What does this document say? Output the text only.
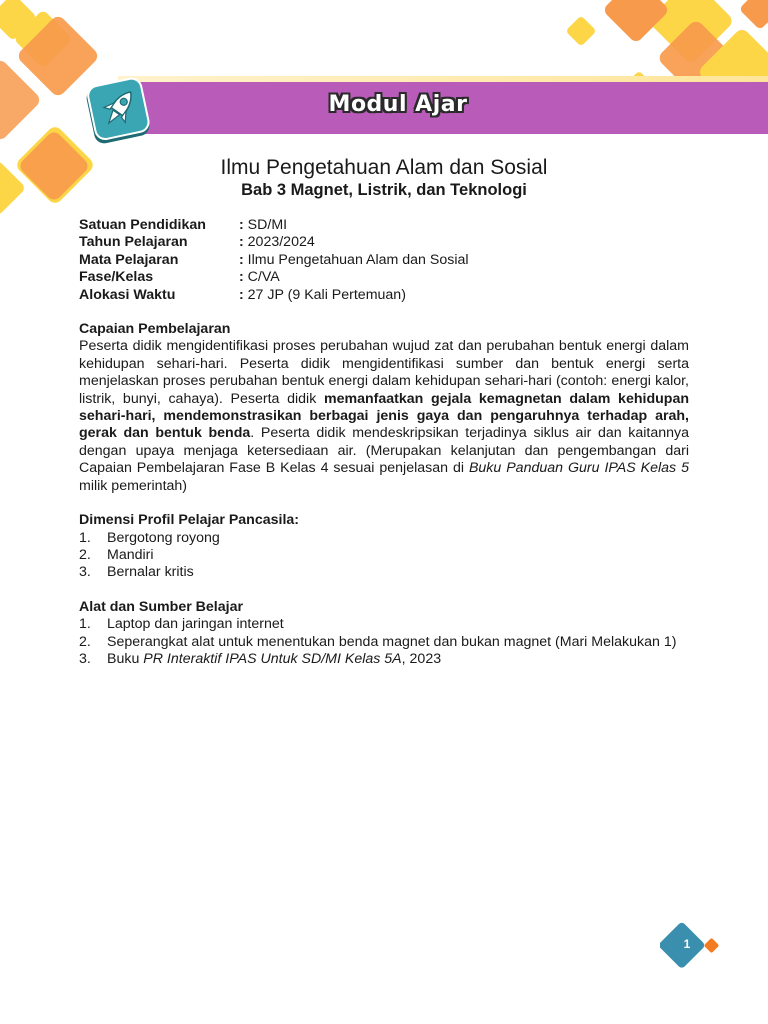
Modul Ajar
Ilmu Pengetahuan Alam dan Sosial
Bab 3 Magnet, Listrik, dan Teknologi
Satuan Pendidikan	: SD/MI
Tahun Pelajaran	: 2023/2024
Mata Pelajaran	: Ilmu Pengetahuan Alam dan Sosial
Fase/Kelas	: C/VA
Alokasi Waktu	: 27 JP (9 Kali Pertemuan)
Capaian Pembelajaran
Peserta didik mengidentifikasi proses perubahan wujud zat dan perubahan bentuk energi dalam kehidupan sehari-hari. Peserta didik mengidentifikasi sumber dan bentuk energi serta menjelaskan proses perubahan bentuk energi dalam kehidupan sehari-hari (contoh: energi kalor, listrik, bunyi, cahaya). Peserta didik memanfaatkan gejala kemagnetan dalam kehidupan sehari-hari, mendemonstrasikan berbagai jenis gaya dan pengaruhnya terhadap arah, gerak dan bentuk benda. Peserta didik mendeskripsikan terjadinya siklus air dan kaitannya dengan upaya menjaga ketersediaan air. (Merupakan kelanjutan dan pengembangan dari Capaian Pembelajaran Fase B Kelas 4 sesuai penjelasan di Buku Panduan Guru IPAS Kelas 5 milik pemerintah)
Dimensi Profil Pelajar Pancasila:
1.	Bergotong royong
2.	Mandiri
3.	Bernalar kritis
Alat dan Sumber Belajar
1.	Laptop dan jaringan internet
2.	Seperangkat alat untuk menentukan benda magnet dan bukan magnet (Mari Melakukan 1)
3.	Buku PR Interaktif IPAS Untuk SD/MI Kelas 5A, 2023
1
